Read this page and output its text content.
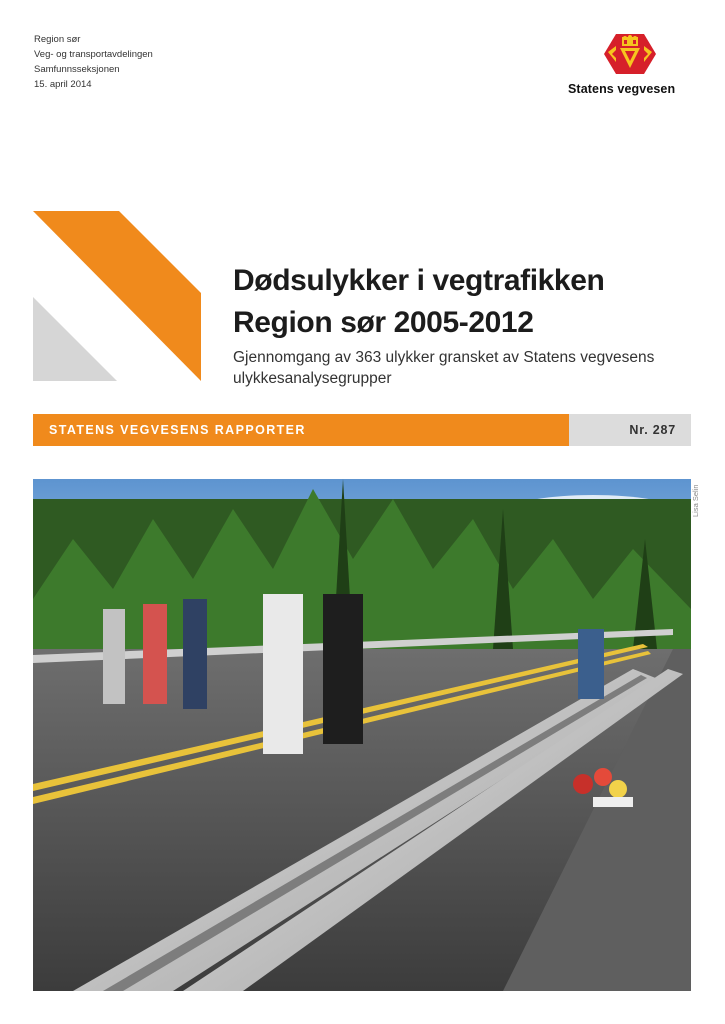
Region sør
Veg- og transportavdelingen
Samfunnsseksjonen
15. april 2014	Statens vegvesen
Dødsulykker i vegtrafikken
Region sør 2005-2012
Gjennomgang av 363 ulykker gransket av Statens vegvesens ulykkesanalysegrupper
STATENS VEGVESENS RAPPORTER	Nr. 287
Lisa Selin
